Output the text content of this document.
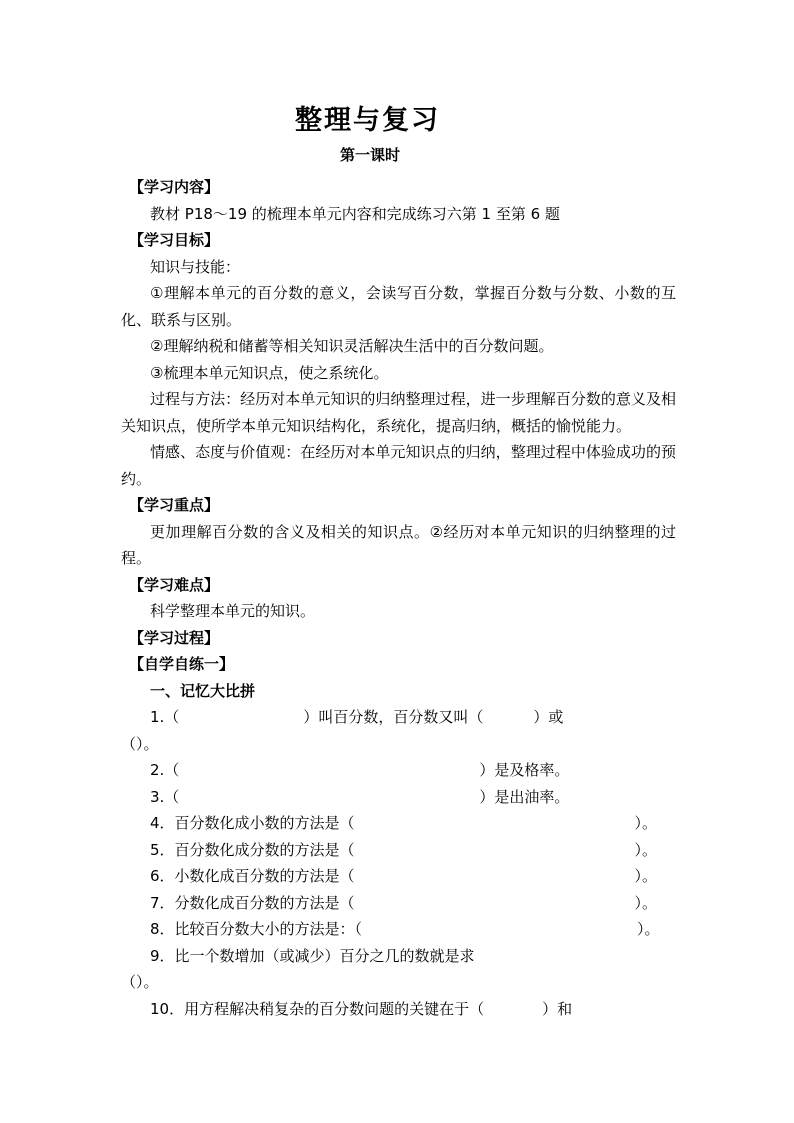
整理与复习
第一课时

【学习内容】

教材 P18～19 的梳理本单元内容和完成练习六第 1 至第 6 题

【学习目标】

知识与技能：

①理解本单元的百分数的意义，会读写百分数，掌握百分数与分数、小数的互化、联系与区别。

②理解纳税和储蓄等相关知识灵活解决生活中的百分数问题。

③梳理本单元知识点，使之系统化。

过程与方法：经历对本单元知识的归纳整理过程，进一步理解百分数的意义及相关知识点，使所学本单元知识结构化，系统化，提高归纳，概括的愉悦能力。

情感、态度与价值观：在经历对本单元知识点的归纳，整理过程中体验成功的预约。

【学习重点】

更加理解百分数的含义及相关的知识点。②经历对本单元知识的归纳整理的过程。

【学习难点】

科学整理本单元的知识。

【学习过程】

【自学自练一】

一、记忆大比拼

1.（	）叫百分数，百分数又叫（	）或

（）。

2.（	）是及格率。

3.（	）是出油率。

4．百分数化成小数的方法是（	）。

5．百分数化成分数的方法是（	）。

6．小数化成百分数的方法是（	）。

7．分数化成百分数的方法是（	）。

8．比较百分数大小的方法是：（	）。

9．比一个数增加（或减少）百分之几的数就是求

（）。

10．用方程解决稍复杂的百分数问题的关键在于（	）和
